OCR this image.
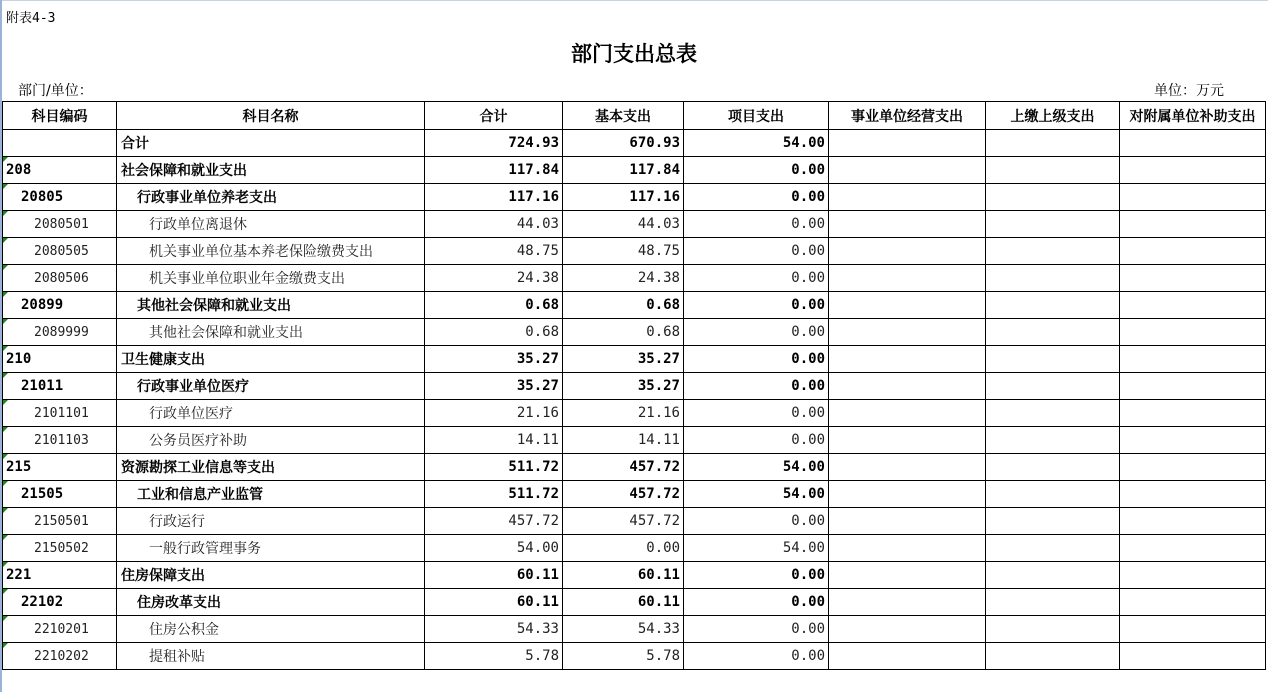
附表4-3
部门支出总表
部门/单位：	单位：万元
科目编码	科目名称	合计	基本支出	项目支出	事业单位经营支出	上缴上级支出	对附属单位补助支出
	合计	724.93	670.93	54.00			

208	社会保障和就业支出	117.84	117.84	0.00			

20805	行政事业单位养老支出	117.16	117.16	0.00			

2080501	行政单位离退休	44.03	44.03	0.00			

2080505	机关事业单位基本养老保险缴费支出	48.75	48.75	0.00			

2080506	机关事业单位职业年金缴费支出	24.38	24.38	0.00			

20899	其他社会保障和就业支出	0.68	0.68	0.00			

2089999	其他社会保障和就业支出	0.68	0.68	0.00			

210	卫生健康支出	35.27	35.27	0.00			

21011	行政事业单位医疗	35.27	35.27	0.00			

2101101	行政单位医疗	21.16	21.16	0.00			

2101103	公务员医疗补助	14.11	14.11	0.00			

215	资源勘探工业信息等支出	511.72	457.72	54.00			

21505	工业和信息产业监管	511.72	457.72	54.00			

2150501	行政运行	457.72	457.72	0.00			

2150502	一般行政管理事务	54.00	0.00	54.00			

221	住房保障支出	60.11	60.11	0.00			

22102	住房改革支出	60.11	60.11	0.00			

2210201	住房公积金	54.33	54.33	0.00			

2210202	提租补贴	5.78	5.78	0.00			
